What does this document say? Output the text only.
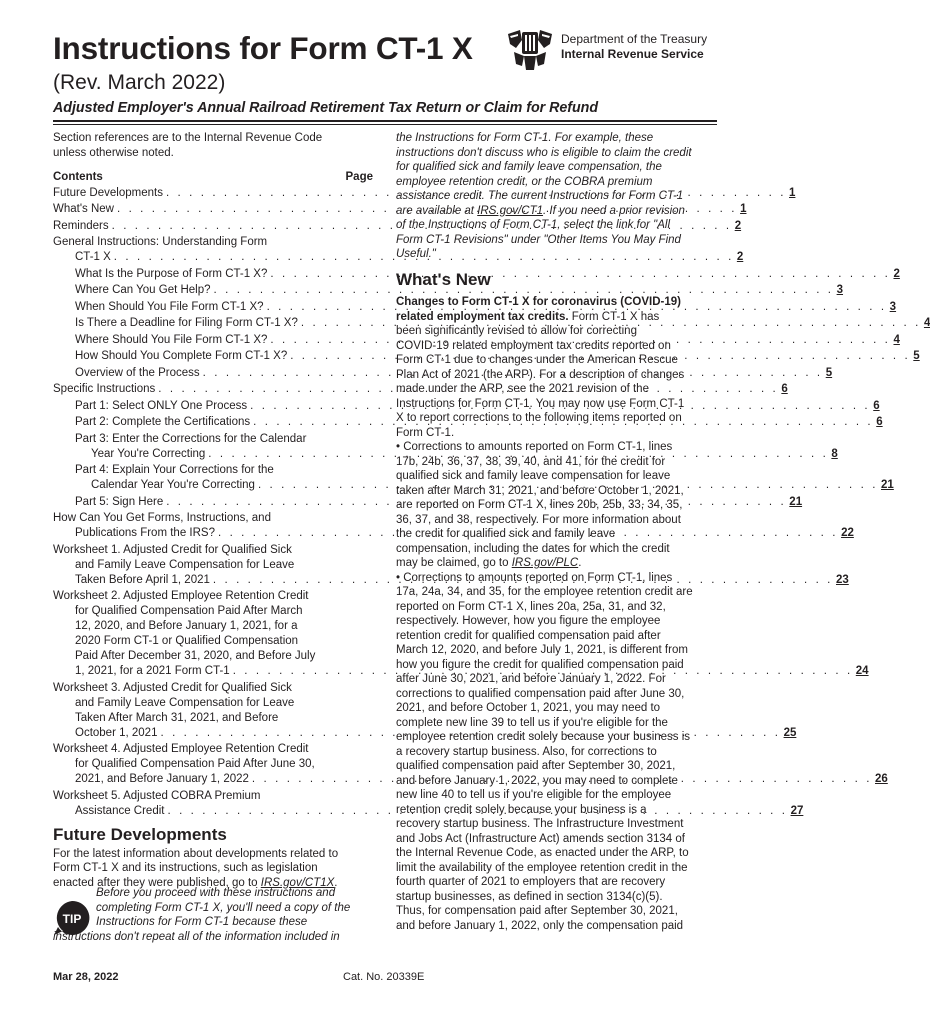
Instructions for Form CT-1 X
(Rev. March 2022)
Department of the Treasury
Internal Revenue Service
Adjusted Employer's Annual Railroad Retirement Tax Return or Claim for Refund

Section references are to the Internal Revenue Code
unless otherwise noted.

Contents	Page
Future Developments . . .	1
What's New . . .	1
Reminders . . .	2
General Instructions: Understanding Form
CT-1 X . . .	2
What Is the Purpose of Form CT-1 X? . . .	2
Where Can You Get Help? . . .	3
When Should You File Form CT-1 X? . . .	3
Is There a Deadline for Filing Form CT-1 X? . . .	4
Where Should You File Form CT-1 X? . . .	4
How Should You Complete Form CT-1 X? . . .	5
Overview of the Process . . .	5
Specific Instructions . . .	6
Part 1: Select ONLY One Process . . .	6
Part 2: Complete the Certifications . . .	6
Part 3: Enter the Corrections for the Calendar
Year You're Correcting . . .	8
Part 4: Explain Your Corrections for the
Calendar Year You're Correcting . . .	21
Part 5: Sign Here . . .	21
How Can You Get Forms, Instructions, and
Publications From the IRS? . . .	22
Worksheet 1. Adjusted Credit for Qualified Sick
and Family Leave Compensation for Leave
Taken Before April 1, 2021 . . .	23
Worksheet 2. Adjusted Employee Retention Credit
for Qualified Compensation Paid After March
12, 2020, and Before January 1, 2021, for a
2020 Form CT-1 or Qualified Compensation
Paid After December 31, 2020, and Before July
1, 2021, for a 2021 Form CT-1 . . .	24
Worksheet 3. Adjusted Credit for Qualified Sick
and Family Leave Compensation for Leave
Taken After March 31, 2021, and Before
October 1, 2021 . . .	25
Worksheet 4. Adjusted Employee Retention Credit
for Qualified Compensation Paid After June 30,
2021, and Before January 1, 2022 . . .	26
Worksheet 5. Adjusted COBRA Premium
Assistance Credit . . .	27
Future Developments

For the latest information about developments related to
Form CT-1 X and its instructions, such as legislation
enacted after they were published, go to IRS.gov/CT1X.

TIP
Before you proceed with these instructions and
completing Form CT-1 X, you'll need a copy of the
Instructions for Form CT-1 because these
instructions don't repeat all of the information included in

the Instructions for Form CT-1. For example, these
instructions don't discuss who is eligible to claim the credit
for qualified sick and family leave compensation, the
employee retention credit, or the COBRA premium
assistance credit. The current Instructions for Form CT-1
are available at IRS.gov/CT1. If you need a prior revision
of the Instructions of Form CT-1, select the link for "All
Form CT-1 Revisions" under "Other Items You May Find
Useful."

What's New

Changes to Form CT-1 X for coronavirus (COVID-19)
related employment tax credits. Form CT-1 X has
been significantly revised to allow for correcting
COVID-19 related employment tax credits reported on
Form CT-1 due to changes under the American Rescue
Plan Act of 2021 (the ARP). For a description of changes
made under the ARP, see the 2021 revision of the
Instructions for Form CT-1. You may now use Form CT-1
X to report corrections to the following items reported on
Form CT-1.

• Corrections to amounts reported on Form CT-1, lines
17b, 24b, 36, 37, 38, 39, 40, and 41, for the credit for
qualified sick and family leave compensation for leave
taken after March 31, 2021, and before October 1, 2021,
are reported on Form CT-1 X, lines 20b, 25b, 33, 34, 35,
36, 37, and 38, respectively. For more information about
the credit for qualified sick and family leave
compensation, including the dates for which the credit
may be claimed, go to IRS.gov/PLC.

• Corrections to amounts reported on Form CT-1, lines
17a, 24a, 34, and 35, for the employee retention credit are
reported on Form CT-1 X, lines 20a, 25a, 31, and 32,
respectively. However, how you figure the employee
retention credit for qualified compensation paid after
March 12, 2020, and before July 1, 2021, is different from
how you figure the credit for qualified compensation paid
after June 30, 2021, and before January 1, 2022. For
corrections to qualified compensation paid after June 30,
2021, and before October 1, 2021, you may need to
complete new line 39 to tell us if you're eligible for the
employee retention credit solely because your business is
a recovery startup business. Also, for corrections to
qualified compensation paid after September 30, 2021,
and before January 1, 2022, you may need to complete
new line 40 to tell us if you're eligible for the employee
retention credit solely because your business is a
recovery startup business. The Infrastructure Investment
and Jobs Act (Infrastructure Act) amends section 3134 of
the Internal Revenue Code, as enacted under the ARP, to
limit the availability of the employee retention credit in the
fourth quarter of 2021 to employers that are recovery
startup businesses, as defined in section 3134(c)(5).
Thus, for compensation paid after September 30, 2021,
and before January 1, 2022, only the compensation paid

Mar 28, 2022	Cat. No. 20339E
